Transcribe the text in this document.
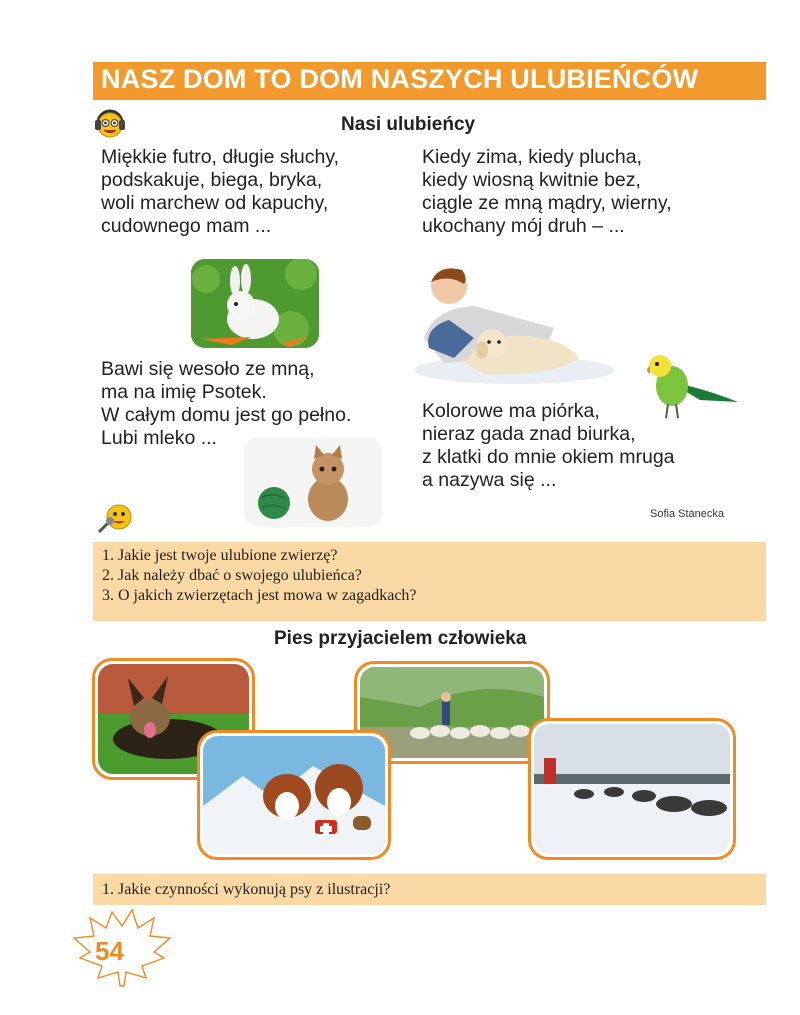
NASZ DOM TO DOM NASZYCH ULUBIEŃCÓW
Nasi ulubieńcy
Miękkie futro, długie słuchy,
podskakuje, biega, bryka,
woli marchew od kapuchy,
cudownego mam ...
Kiedy zima, kiedy plucha,
kiedy wiosną kwitnie bez,
ciągle ze mną mądry, wierny,
ukochany mój druh – ...
Bawi się wesoło ze mną,
ma na imię Psotek.
W całym domu jest go pełno.
Lubi mleko ...
Kolorowe ma piórka,
nieraz gada znad biurka,
z klatki do mnie okiem mruga
a nazywa się ...
Sofia Stanecka
1. Jakie jest twoje ulubione zwierzę?
2. Jak należy dbać o swojego ulubieńca?
3. O jakich zwierzętach jest mowa w zagadkach?
Pies przyjacielem człowieka
1. Jakie czynności wykonują psy z ilustracji?
54
